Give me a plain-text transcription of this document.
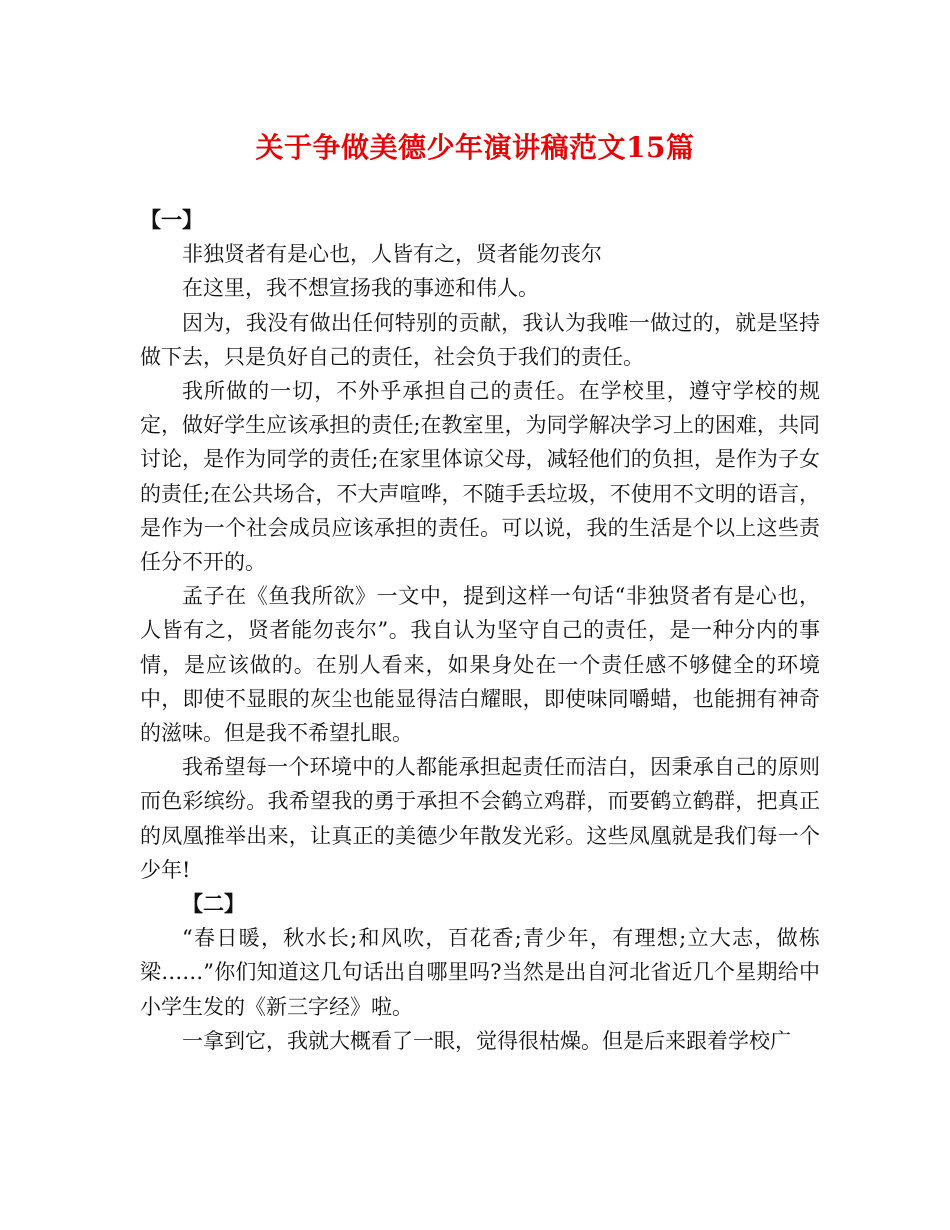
关于争做美德少年演讲稿范文15篇

【一】

非独贤者有是心也，人皆有之，贤者能勿丧尔

在这里，我不想宣扬我的事迹和伟人。

因为，我没有做出任何特别的贡献，我认为我唯一做过的，就是坚持做下去，只是负好自己的责任，社会负于我们的责任。

我所做的一切，不外乎承担自己的责任。在学校里，遵守学校的规定，做好学生应该承担的责任;在教室里，为同学解决学习上的困难，共同讨论，是作为同学的责任;在家里体谅父母，减轻他们的负担，是作为子女的责任;在公共场合，不大声喧哗，不随手丢垃圾，不使用不文明的语言，是作为一个社会成员应该承担的责任。可以说，我的生活是个以上这些责任分不开的。

孟子在《鱼我所欲》一文中，提到这样一句话“非独贤者有是心也，人皆有之，贤者能勿丧尔”。我自认为坚守自己的责任，是一种分内的事情，是应该做的。在别人看来，如果身处在一个责任感不够健全的环境中，即使不显眼的灰尘也能显得洁白耀眼，即使味同嚼蜡，也能拥有神奇的滋味。但是我不希望扎眼。

我希望每一个环境中的人都能承担起责任而洁白，因秉承自己的原则而色彩缤纷。我希望我的勇于承担不会鹤立鸡群，而要鹤立鹤群，把真正的凤凰推举出来，让真正的美德少年散发光彩。这些凤凰就是我们每一个少年!

【二】

“春日暖，秋水长;和风吹，百花香;青少年，有理想;立大志，做栋梁……”你们知道这几句话出自哪里吗?当然是出自河北省近几个星期给中小学生发的《新三字经》啦。

一拿到它，我就大概看了一眼，觉得很枯燥。但是后来跟着学校广
